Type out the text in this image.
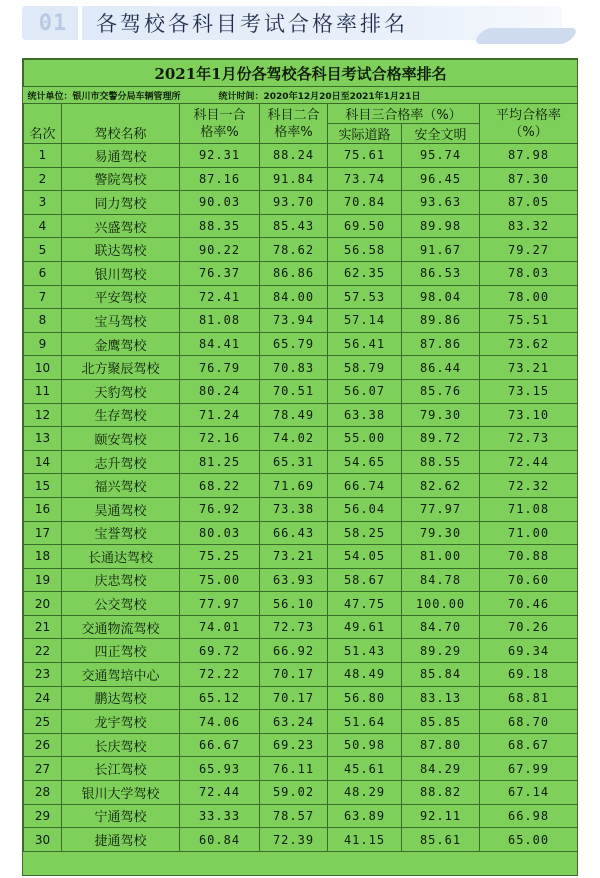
01	各驾校各科目考试合格率排名
2021年1月份各驾校各科目考试合格率排名						
统计单位：银川市交警分局车辆管理所 统计时间：2020年12月20日至2021年1月21日						
名次	驾校名称	科目一合格率%	科目二合格率%	科目三合格率（%）		平均合格率（%）
				实际道路	安全文明	
1	易通驾校	92.31	88.24	75.61	95.74	87.98
2	警院驾校	87.16	91.84	73.74	96.45	87.30
3	同力驾校	90.03	93.70	70.84	93.63	87.05
4	兴盛驾校	88.35	85.43	69.50	89.98	83.32
5	联达驾校	90.22	78.62	56.58	91.67	79.27
6	银川驾校	76.37	86.86	62.35	86.53	78.03
7	平安驾校	72.41	84.00	57.53	98.04	78.00
8	宝马驾校	81.08	73.94	57.14	89.86	75.51
9	金鹰驾校	84.41	65.79	56.41	87.86	73.62
10	北方聚辰驾校	76.79	70.83	58.79	86.44	73.21
11	天豹驾校	80.24	70.51	56.07	85.76	73.15
12	生存驾校	71.24	78.49	63.38	79.30	73.10
13	颐安驾校	72.16	74.02	55.00	89.72	72.73
14	志升驾校	81.25	65.31	54.65	88.55	72.44
15	福兴驾校	68.22	71.69	66.74	82.62	72.32
16	昊通驾校	76.92	73.38	56.04	77.97	71.08
17	宝誉驾校	80.03	66.43	58.25	79.30	71.00
18	长通达驾校	75.25	73.21	54.05	81.00	70.88
19	庆忠驾校	75.00	63.93	58.67	84.78	70.60
20	公交驾校	77.97	56.10	47.75	100.00	70.46
21	交通物流驾校	74.01	72.73	49.61	84.70	70.26
22	四正驾校	69.72	66.92	51.43	89.29	69.34
23	交通驾培中心	72.22	70.17	48.49	85.84	69.18
24	鹏达驾校	65.12	70.17	56.80	83.13	68.81
25	龙宇驾校	74.06	63.24	51.64	85.85	68.70
26	长庆驾校	66.67	69.23	50.98	87.80	68.67
27	长江驾校	65.93	76.11	45.61	84.29	67.99
28	银川大学驾校	72.44	59.02	48.29	88.82	67.14
29	宁通驾校	33.33	78.57	63.89	92.11	66.98
30	捷通驾校	60.84	72.39	41.15	85.61	65.00
